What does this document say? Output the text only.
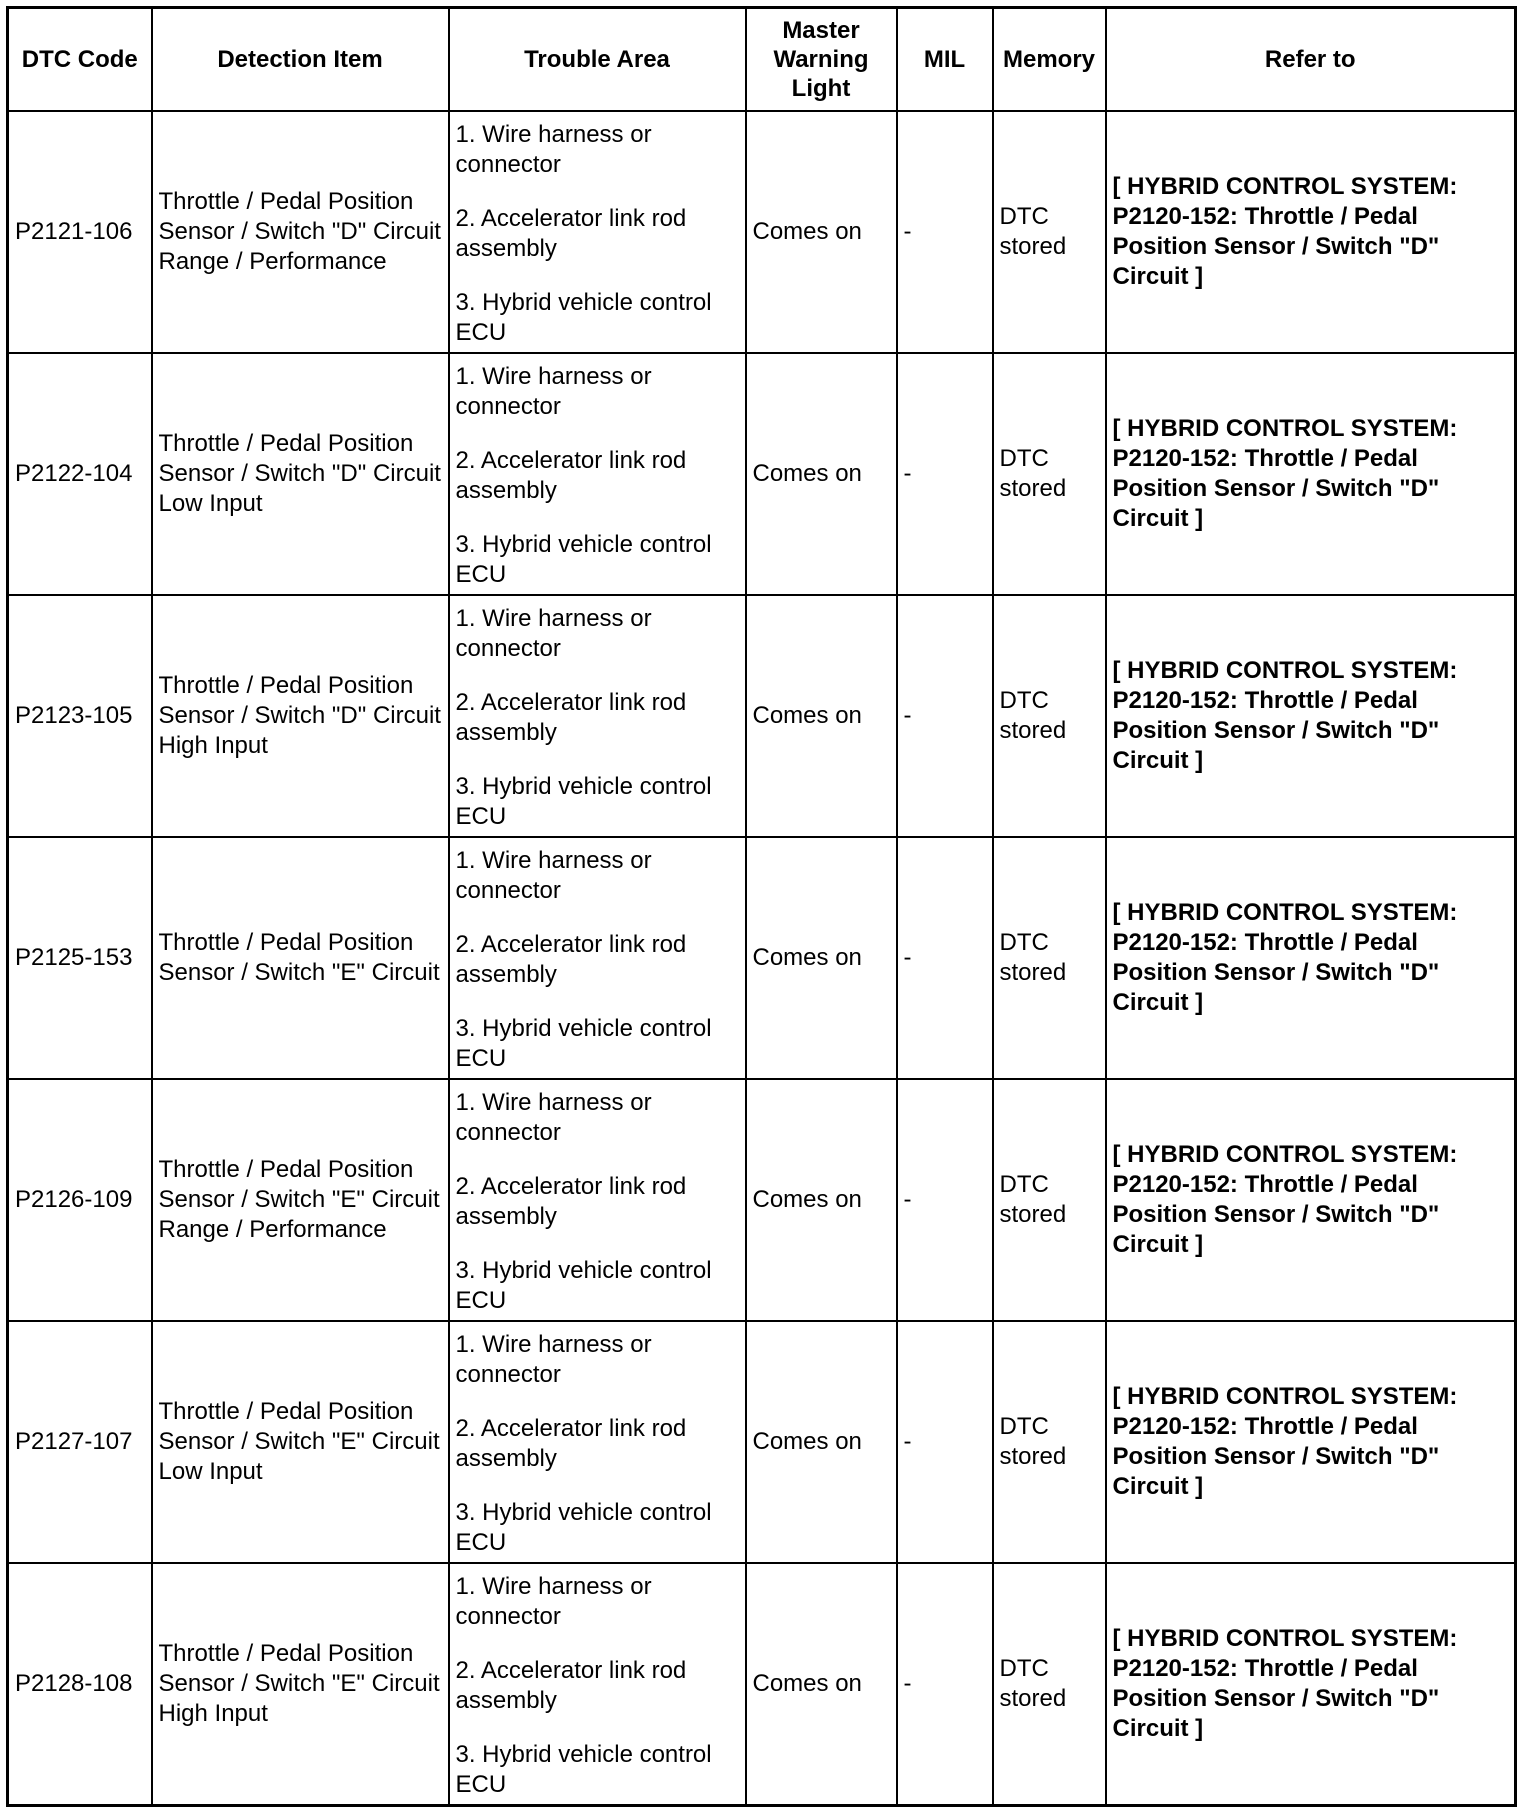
DTC Code	Detection Item	Trouble Area	Master Warning Light	MIL	Memory	Refer to
P2121-106	Throttle / Pedal Position Sensor / Switch "D" Circuit Range / Performance	1. Wire harness or connector
2. Accelerator link rod assembly
3. Hybrid vehicle control ECU	Comes on	-	DTC stored	[ HYBRID CONTROL SYSTEM: P2120-152: Throttle / Pedal Position Sensor / Switch "D" Circuit ]
P2122-104	Throttle / Pedal Position Sensor / Switch "D" Circuit Low Input	1. Wire harness or connector
2. Accelerator link rod assembly
3. Hybrid vehicle control ECU	Comes on	-	DTC stored	[ HYBRID CONTROL SYSTEM: P2120-152: Throttle / Pedal Position Sensor / Switch "D" Circuit ]
P2123-105	Throttle / Pedal Position Sensor / Switch "D" Circuit High Input	1. Wire harness or connector
2. Accelerator link rod assembly
3. Hybrid vehicle control ECU	Comes on	-	DTC stored	[ HYBRID CONTROL SYSTEM: P2120-152: Throttle / Pedal Position Sensor / Switch "D" Circuit ]
P2125-153	Throttle / Pedal Position Sensor / Switch "E" Circuit	1. Wire harness or connector
2. Accelerator link rod assembly
3. Hybrid vehicle control ECU	Comes on	-	DTC stored	[ HYBRID CONTROL SYSTEM: P2120-152: Throttle / Pedal Position Sensor / Switch "D" Circuit ]
P2126-109	Throttle / Pedal Position Sensor / Switch "E" Circuit Range / Performance	1. Wire harness or connector
2. Accelerator link rod assembly
3. Hybrid vehicle control ECU	Comes on	-	DTC stored	[ HYBRID CONTROL SYSTEM: P2120-152: Throttle / Pedal Position Sensor / Switch "D" Circuit ]
P2127-107	Throttle / Pedal Position Sensor / Switch "E" Circuit Low Input	1. Wire harness or connector
2. Accelerator link rod assembly
3. Hybrid vehicle control ECU	Comes on	-	DTC stored	[ HYBRID CONTROL SYSTEM: P2120-152: Throttle / Pedal Position Sensor / Switch "D" Circuit ]
P2128-108	Throttle / Pedal Position Sensor / Switch "E" Circuit High Input	1. Wire harness or connector
2. Accelerator link rod assembly
3. Hybrid vehicle control ECU	Comes on	-	DTC stored	[ HYBRID CONTROL SYSTEM: P2120-152: Throttle / Pedal Position Sensor / Switch "D" Circuit ]
